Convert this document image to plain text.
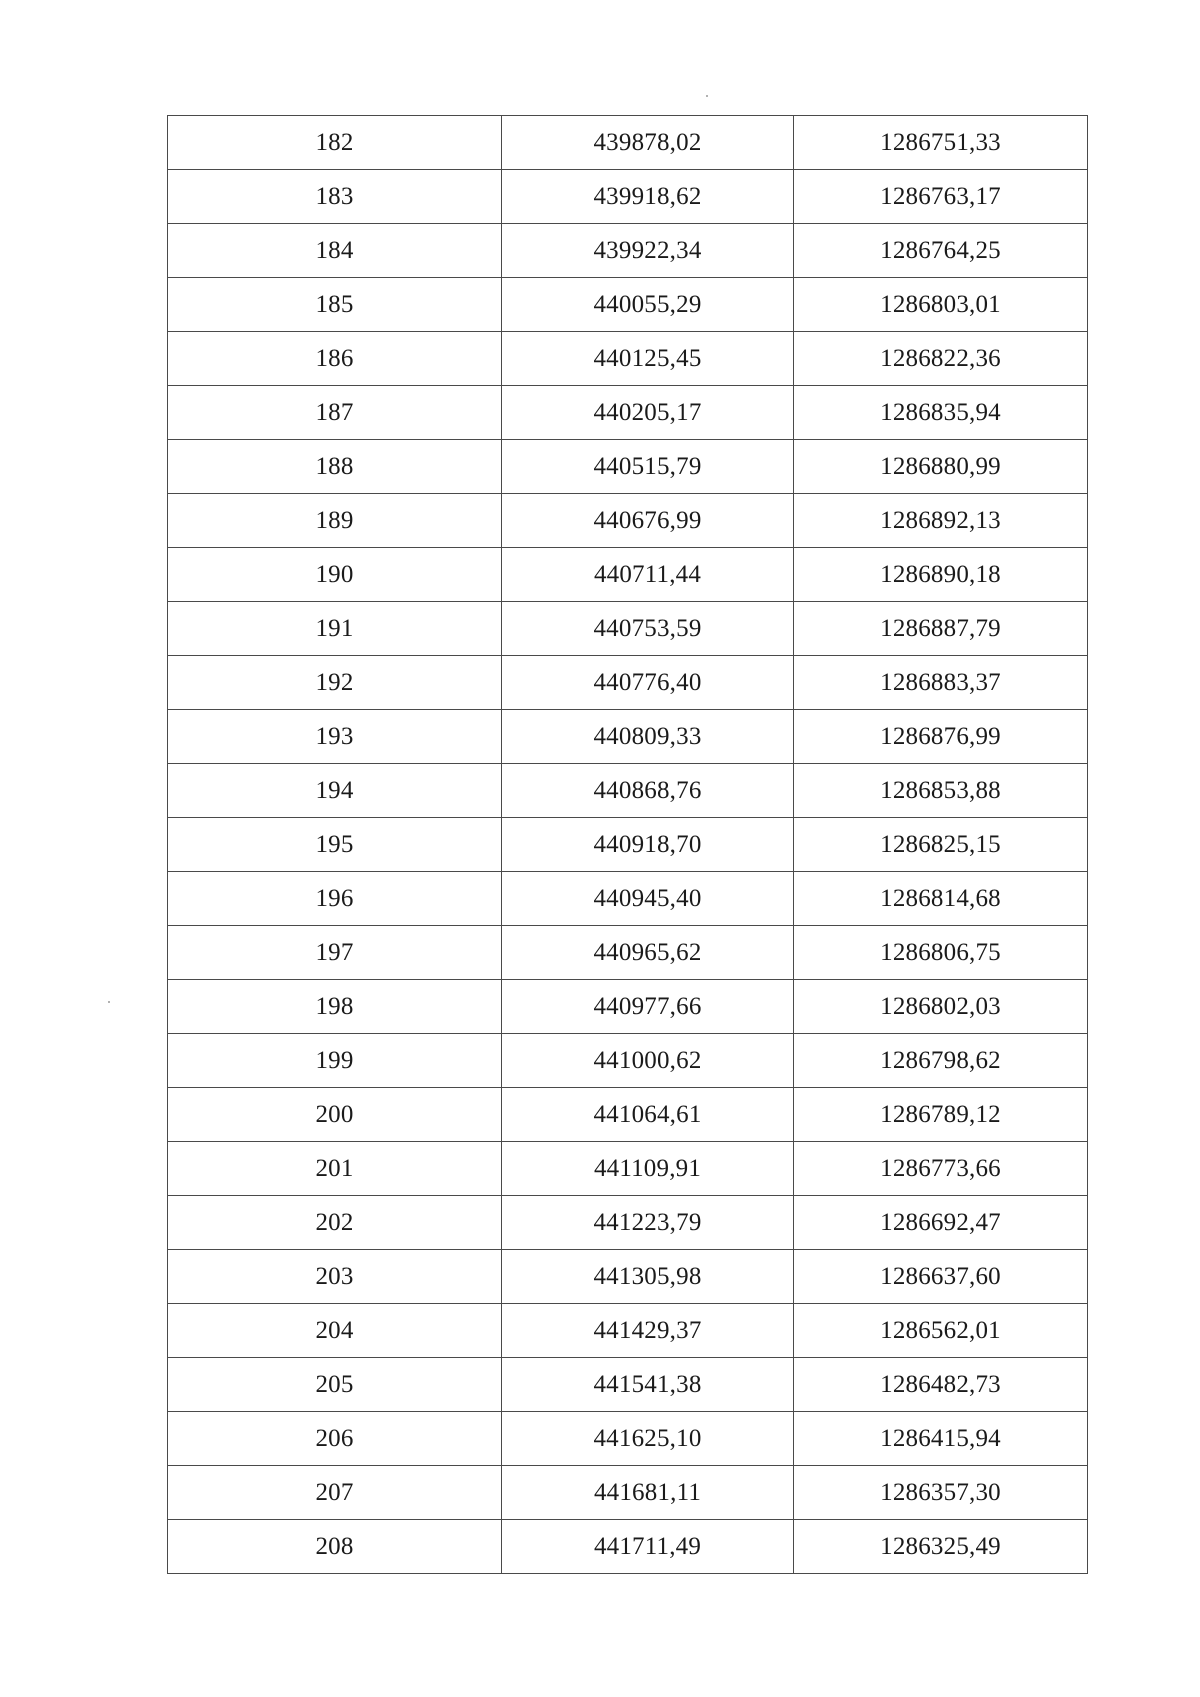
182	439878,02	1286751,33
183	439918,62	1286763,17
184	439922,34	1286764,25
185	440055,29	1286803,01
186	440125,45	1286822,36
187	440205,17	1286835,94
188	440515,79	1286880,99
189	440676,99	1286892,13
190	440711,44	1286890,18
191	440753,59	1286887,79
192	440776,40	1286883,37
193	440809,33	1286876,99
194	440868,76	1286853,88
195	440918,70	1286825,15
196	440945,40	1286814,68
197	440965,62	1286806,75
198	440977,66	1286802,03
199	441000,62	1286798,62
200	441064,61	1286789,12
201	441109,91	1286773,66
202	441223,79	1286692,47
203	441305,98	1286637,60
204	441429,37	1286562,01
205	441541,38	1286482,73
206	441625,10	1286415,94
207	441681,11	1286357,30
208	441711,49	1286325,49
